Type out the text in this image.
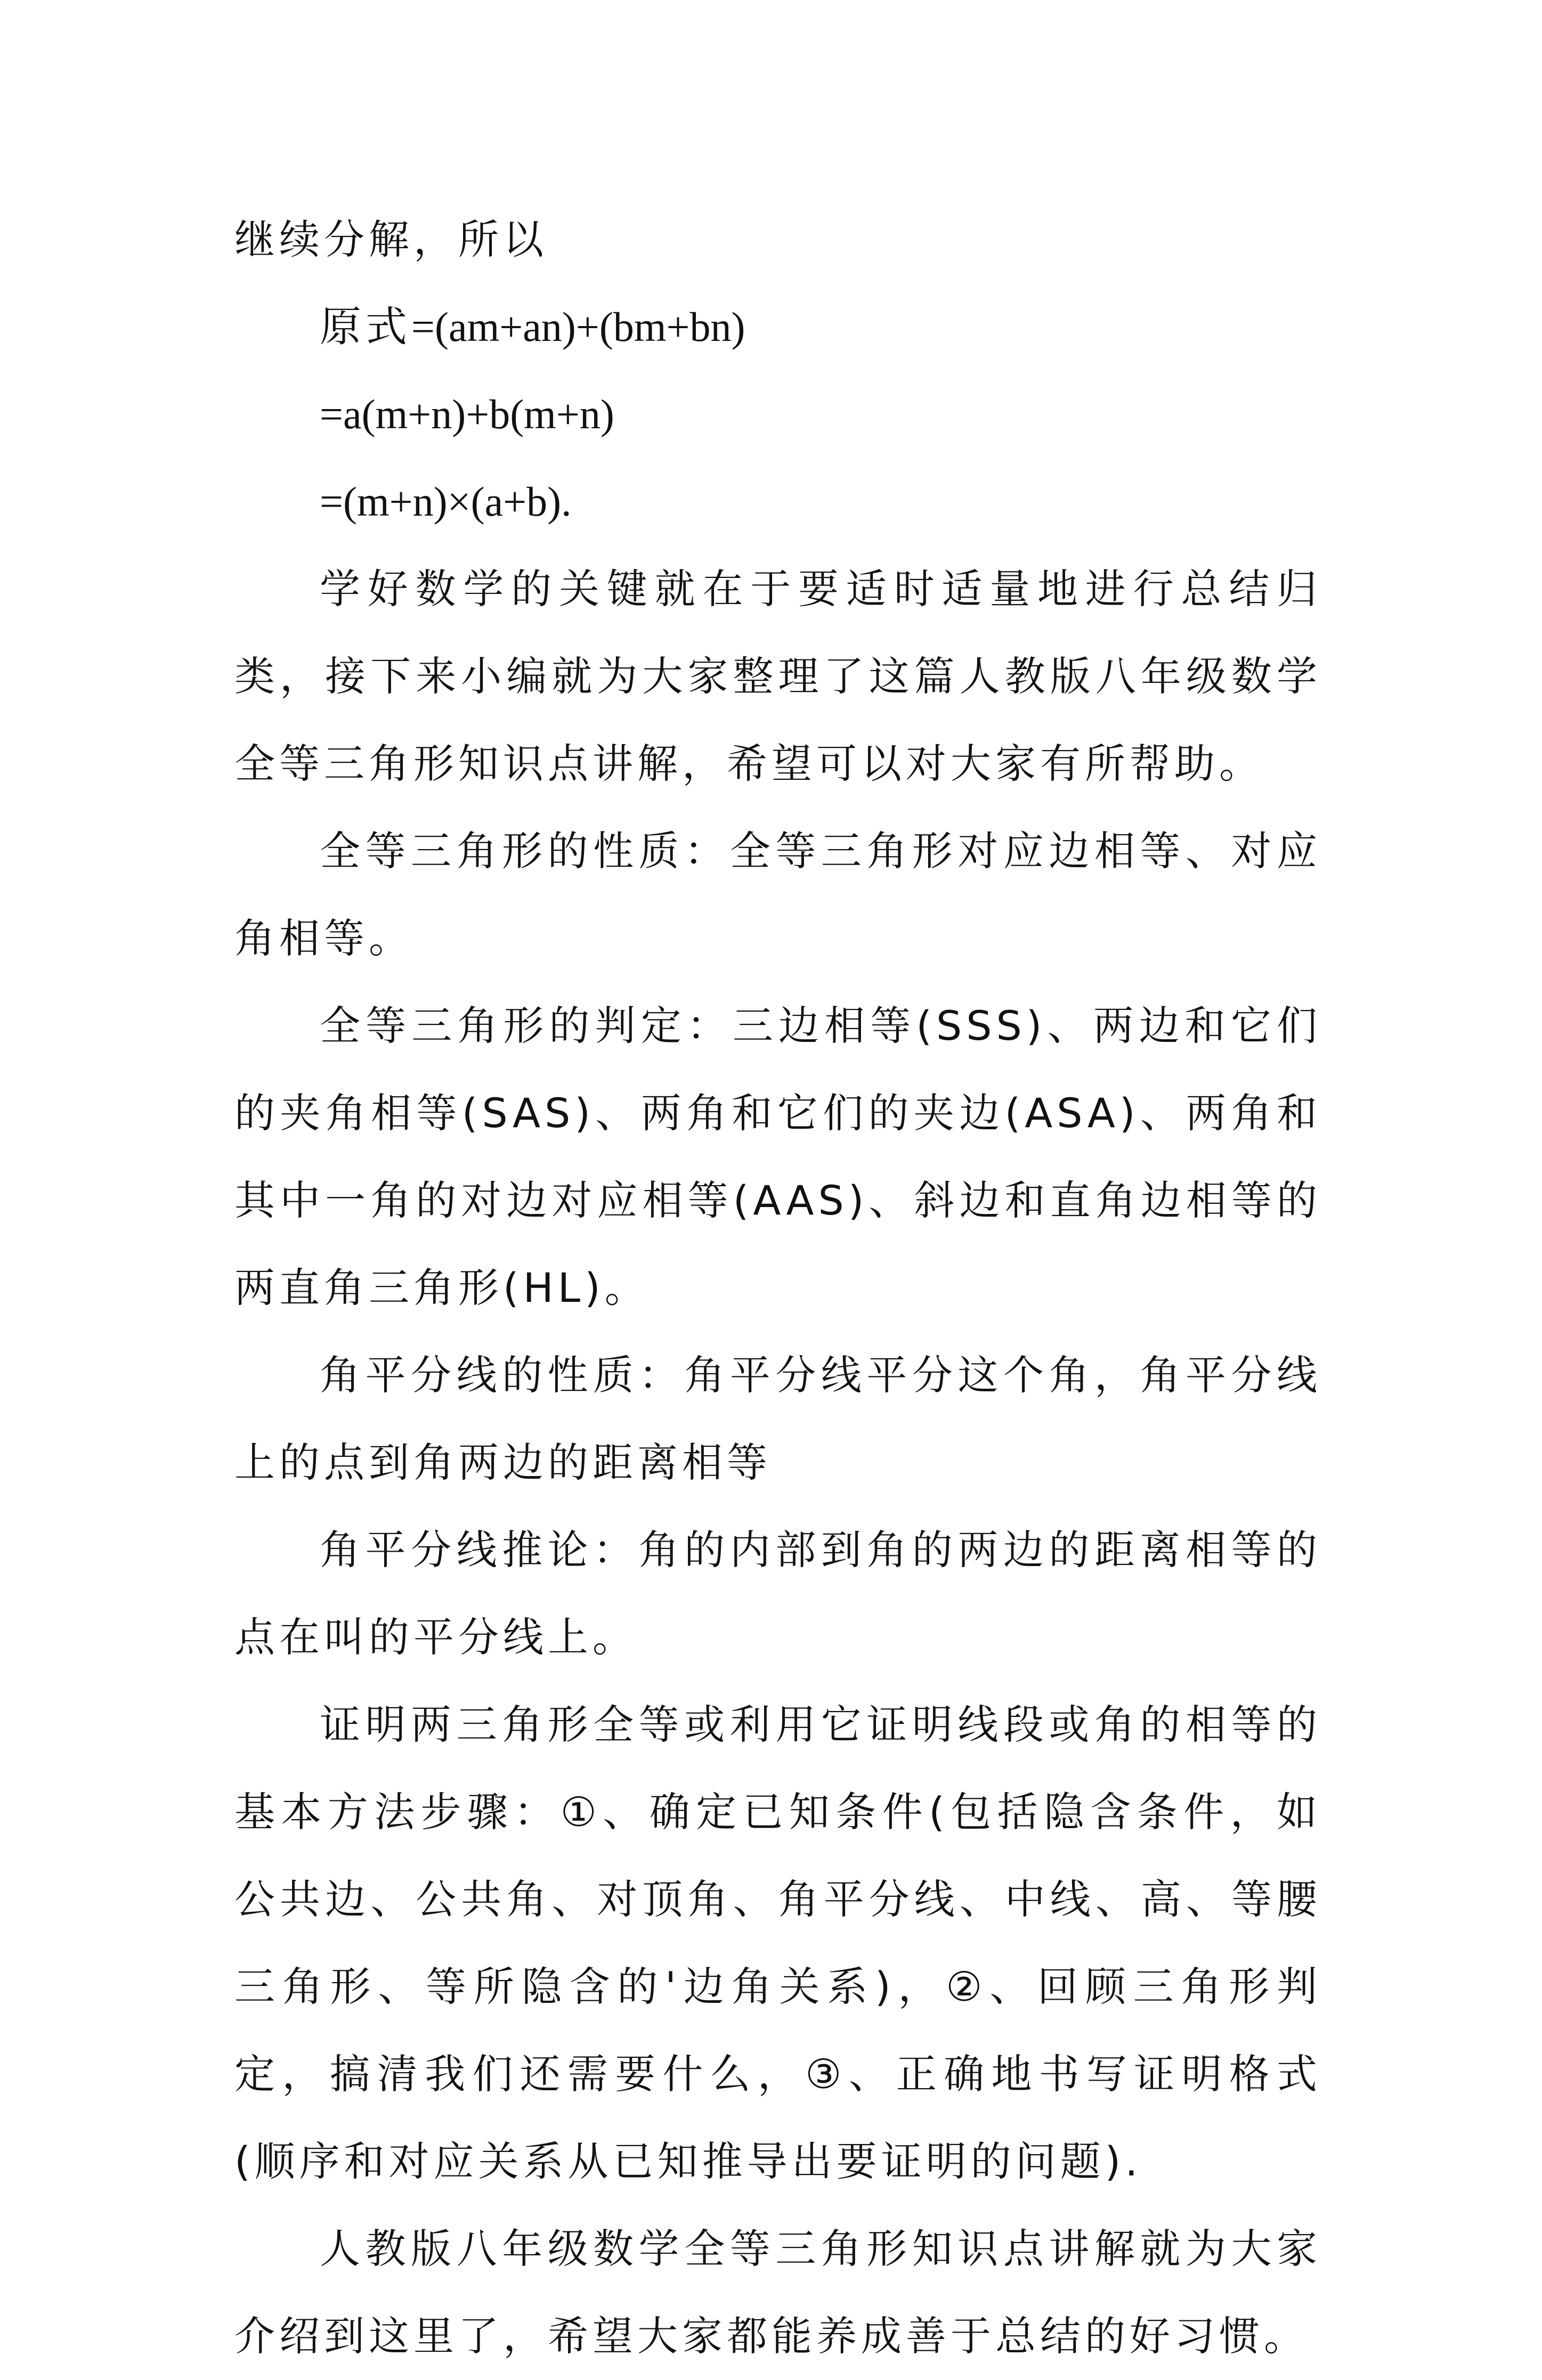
继续分解，所以

原式=(am+an)+(bm+bn)

=a(m+n)+b(m+n)

=(m+n)×(a+b).

学好数学的关键就在于要适时适量地进行总结归类，接下来小编就为大家整理了这篇人教版八年级数学全等三角形知识点讲解，希望可以对大家有所帮助。

全等三角形的性质：全等三角形对应边相等、对应角相等。

全等三角形的判定：三边相等(SSS)、两边和它们的夹角相等(SAS)、两角和它们的夹边(ASA)、两角和其中一角的对边对应相等(AAS)、斜边和直角边相等的两直角三角形(HL)。

角平分线的性质：角平分线平分这个角，角平分线上的点到角两边的距离相等

角平分线推论：角的内部到角的两边的距离相等的点在叫的平分线上。

证明两三角形全等或利用它证明线段或角的相等的基本方法步骤：①、确定已知条件(包括隐含条件，如公共边、公共角、对顶角、角平分线、中线、高、等腰三角形、等所隐含的'边角关系)，②、回顾三角形判定，搞清我们还需要什么，③、正确地书写证明格式(顺序和对应关系从已知推导出要证明的问题).

人教版八年级数学全等三角形知识点讲解就为大家介绍到这里了，希望大家都能养成善于总结的好习惯。
